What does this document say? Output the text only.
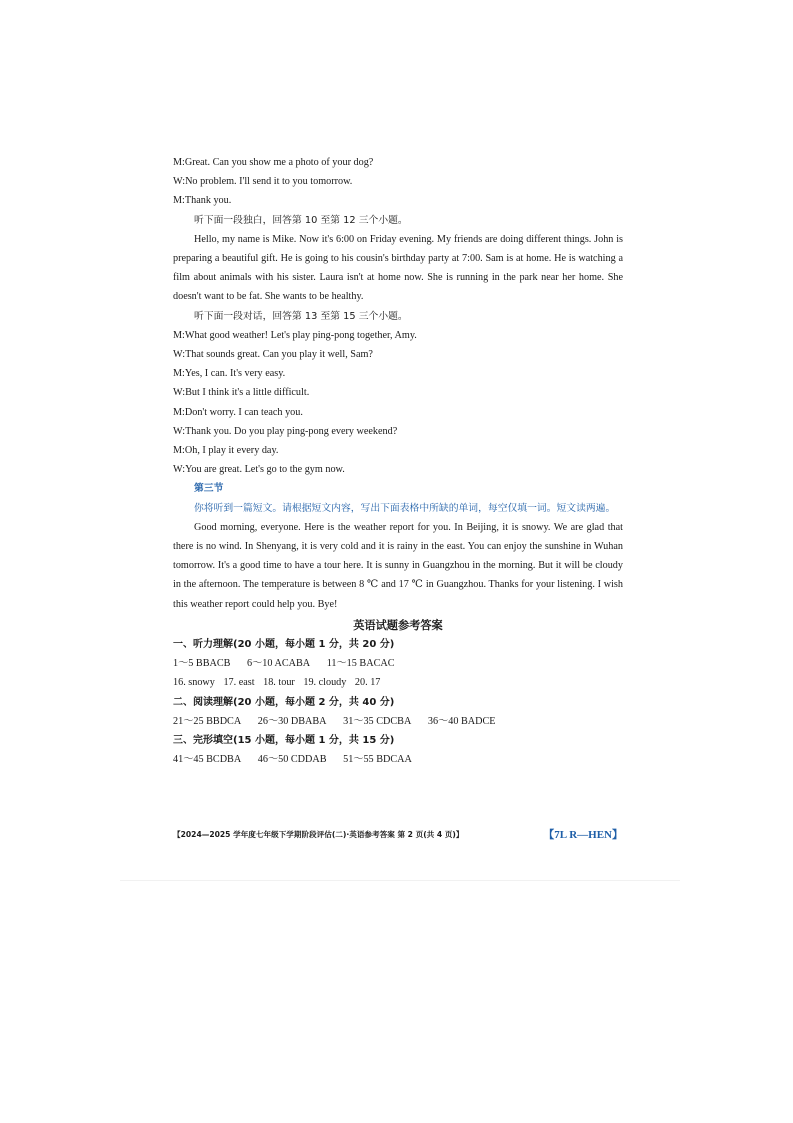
M:Great. Can you show me a photo of your dog?
W:No problem. I'll send it to you tomorrow.
M:Thank you.
听下面一段独白，回答第 10 至第 12 三个小题。
Hello, my name is Mike. Now it's 6:00 on Friday evening. My friends are doing different things. John is preparing a beautiful gift. He is going to his cousin's birthday party at 7:00. Sam is at home. He is watching a film about animals with his sister. Laura isn't at home now. She is running in the park near her home. She doesn't want to be fat. She wants to be healthy.
听下面一段对话，回答第 13 至第 15 三个小题。
M:What good weather! Let's play ping-pong together, Amy.
W:That sounds great. Can you play it well, Sam?
M:Yes, I can. It's very easy.
W:But I think it's a little difficult.
M:Don't worry. I can teach you.
W:Thank you. Do you play ping-pong every weekend?
M:Oh, I play it every day.
W:You are great. Let's go to the gym now.
第三节
你将听到一篇短文。请根据短文内容，写出下面表格中所缺的单词，每空仅填一词。短文读两遍。
Good morning, everyone. Here is the weather report for you. In Beijing, it is snowy. We are glad that there is no wind. In Shenyang, it is very cold and it is rainy in the east. You can enjoy the sunshine in Wuhan tomorrow. It's a good time to have a tour here. It is sunny in Guangzhou in the morning. But it will be cloudy in the afternoon. The temperature is between 8 ℃ and 17 ℃ in Guangzhou. Thanks for your listening. I wish this weather report could help you. Bye!
英语试题参考答案
一、听力理解(20 小题，每小题 1 分，共 20 分)
1～5 BBACB 6～10 ACABA 11～15 BACAC
16. snowy 17. east 18. tour 19. cloudy 20. 17
二、阅读理解(20 小题，每小题 2 分，共 40 分)
21～25 BBDCA 26～30 DBABA 31～35 CDCBA 36～40 BADCE
三、完形填空(15 小题，每小题 1 分，共 15 分)
41～45 BCDBA 46～50 CDDAB 51～55 BDCAA
【2024—2025 学年度七年级下学期阶段评估(二)·英语参考答案 第 2 页(共 4 页)】	【7L R—HEN】
